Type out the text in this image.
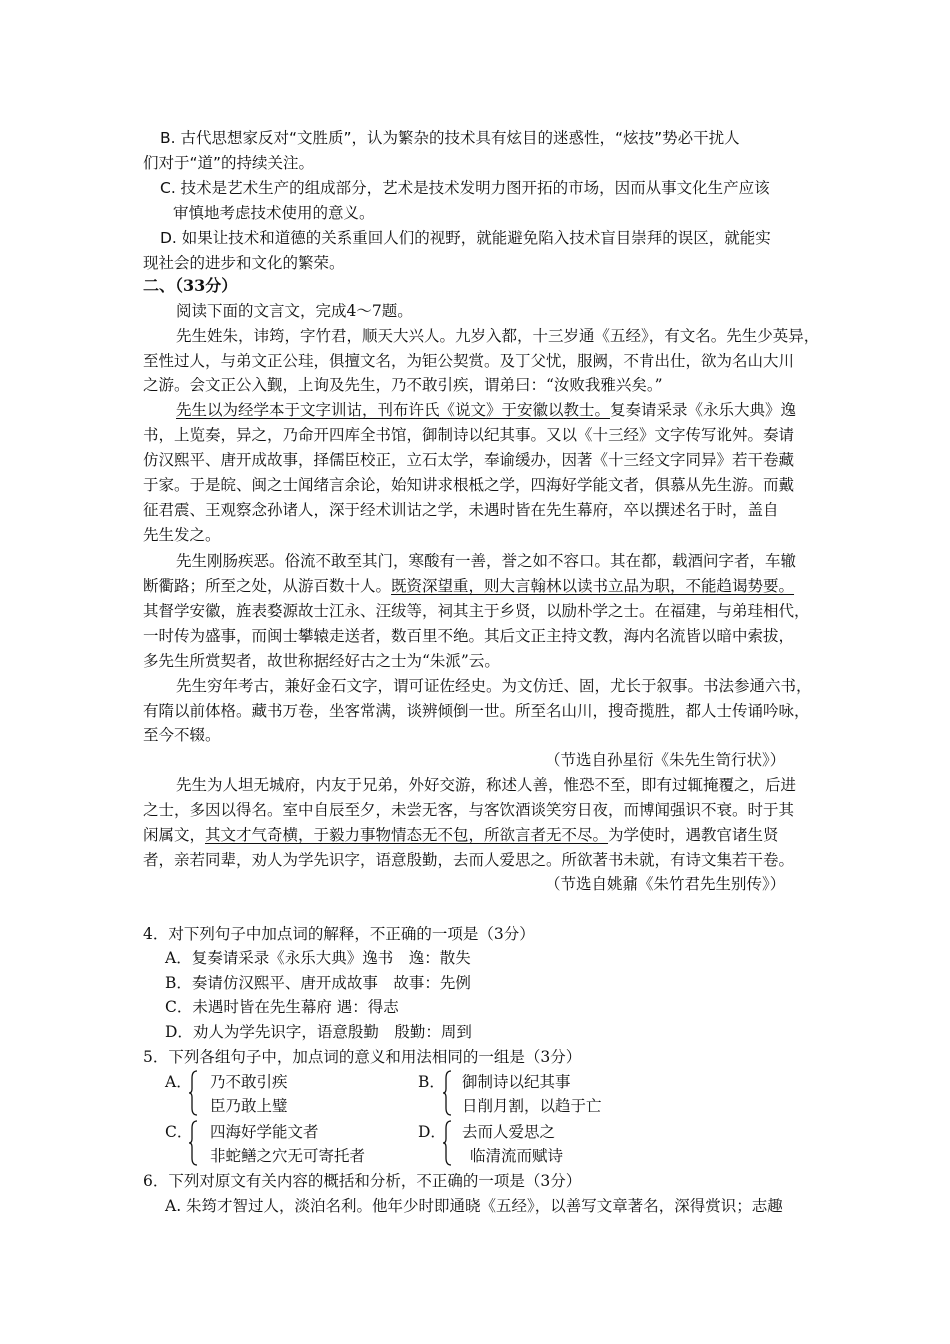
B. 古代思想家反对“文胜质”，认为繁杂的技术具有炫目的迷惑性，“炫技”势必干扰人
们对于“道”的持续关注。
C. 技术是艺术生产的组成部分，艺术是技术发明力图开拓的市场，因而从事文化生产应该
审慎地考虑技术使用的意义。
D. 如果让技术和道德的关系重回人们的视野，就能避免陷入技术盲目崇拜的误区，就能实
现社会的进步和文化的繁荣。
二、（33分）
阅读下面的文言文，完成4～7题。
先生姓朱，讳筠，字竹君，顺天大兴人。九岁入都，十三岁通《五经》，有文名。先生少英异，
至性过人，与弟文正公珪，俱擅文名，为钜公契赏。及丁父忧，服阙，不肯出仕，欲为名山大川
之游。会文正公入觐，上询及先生，乃不敢引疾，谓弟曰：“汝败我雅兴矣。”
先生以为经学本于文字训诂，刊布许氏《说文》于安徽以教士。复奏请采录《永乐大典》逸
书，上览奏，异之，乃命开四库全书馆，御制诗以纪其事。又以《十三经》文字传写讹舛。奏请
仿汉熙平、唐开成故事，择儒臣校正，立石太学，奉谕缓办，因著《十三经文字同异》若干卷藏
于家。于是皖、闽之士闻绪言余论，始知讲求根柢之学，四海好学能文者，俱慕从先生游。而戴
征君震、王观察念孙诸人，深于经术训诂之学，未遇时皆在先生幕府，卒以撰述名于时，盖自
先生发之。
先生刚肠疾恶。俗流不敢至其门，寒酸有一善，誉之如不容口。其在都，载酒问字者，车辙
断衢路；所至之处，从游百数十人。既资深望重，则大言翰林以读书立品为职，不能趋谒势要。
其督学安徽，旌表婺源故士江永、汪绂等，祠其主于乡贤，以励朴学之士。在福建，与弟珪相代，
一时传为盛事，而闽士攀辕走送者，数百里不绝。其后文正主持文教，海内名流皆以暗中索拔，
多先生所赏契者，故世称据经好古之士为“朱派”云。
先生穷年考古，兼好金石文字，谓可证佐经史。为文仿迁、固，尤长于叙事。书法参通六书，
有隋以前体格。藏书万卷，坐客常满，谈辨倾倒一世。所至名山川，搜奇揽胜，都人士传诵吟咏，
至今不辍。
（节选自孙星衍《朱先生笥行状》）
先生为人坦无城府，内友于兄弟，外好交游，称述人善，惟恐不至，即有过辄掩覆之，后进
之士，多因以得名。室中自辰至夕，未尝无客，与客饮酒谈笑穷日夜，而博闻强识不衰。时于其
闲属文，其文才气奇横，于毅力事物情态无不包，所欲言者无不尽。为学使时，遇教官诸生贤
者，亲若同辈，劝人为学先识字，语意殷勤，去而人爱思之。所欲著书未就，有诗文集若干卷。
（节选自姚鼐《朱竹君先生别传》）
4．对下列句子中加点词的解释，不正确的一项是（3分）
A．复奏请采录《永乐大典》逸书　逸：散失
B．奏请仿汉熙平、唐开成故事　故事：先例
C．未遇时皆在先生幕府 遇：得志
D．劝人为学先识字，语意殷勤　殷勤：周到
5．下列各组句子中，加点词的意义和用法相同的一组是（3分）
A． 乃不敢引疾
臣乃敢上璧
B． 御制诗以纪其事
日削月割，以趋于亡
C． 四海好学能文者
非蛇鳝之穴无可寄托者
D． 去而人爱思之
临清流而赋诗
6．下列对原文有关内容的概括和分析，不正确的一项是（3分）
A. 朱筠才智过人，淡泊名利。他年少时即通晓《五经》，以善写文章著名，深得赏识；志趣
